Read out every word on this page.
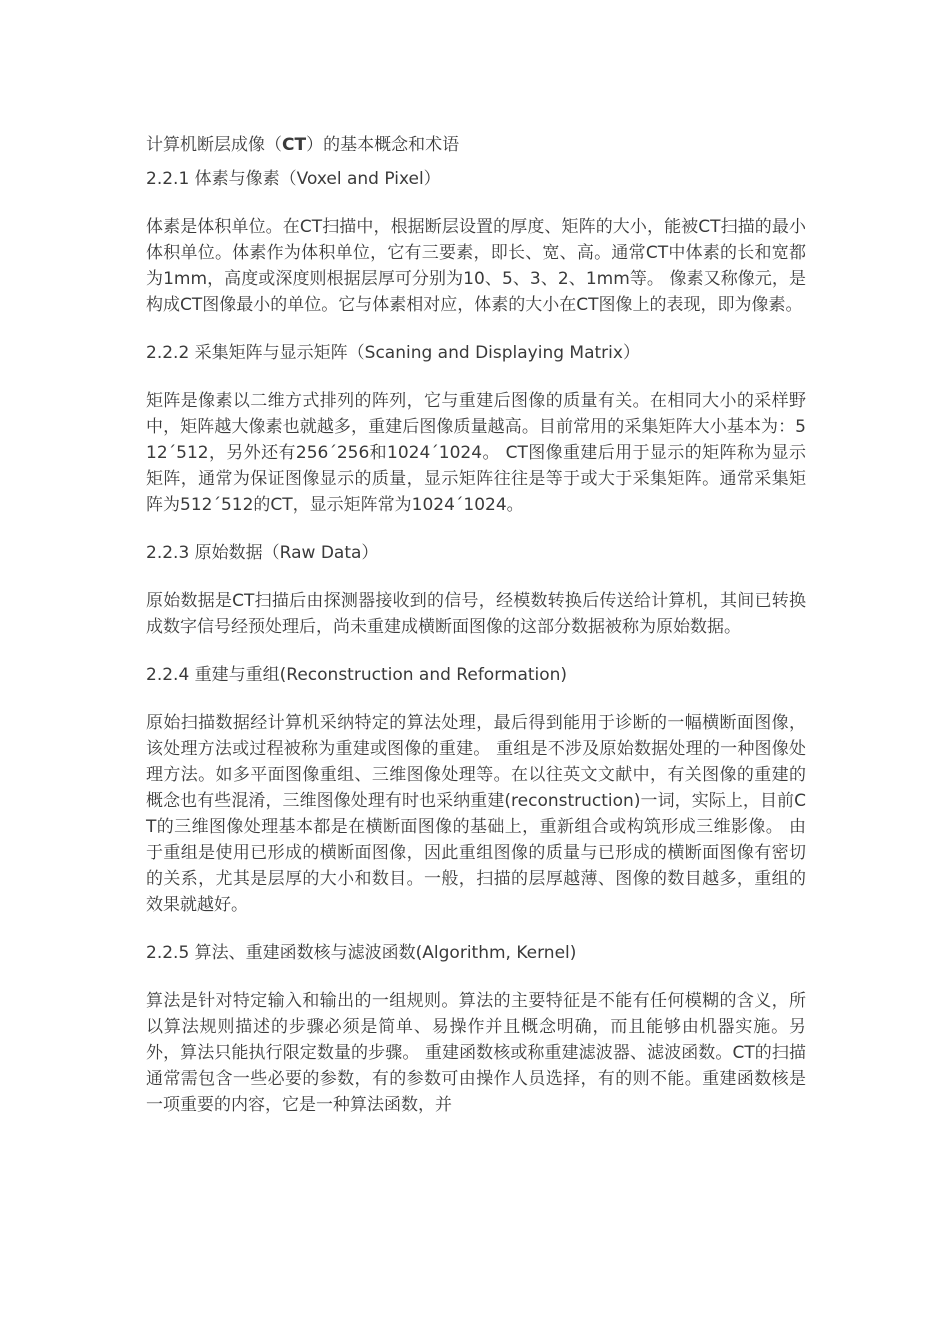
计算机断层成像（CT）的基本概念和术语
2.2.1 体素与像素（Voxel and Pixel）

体素是体积单位。在CT扫描中，根据断层设置的厚度、矩阵的大小，能被CT扫描的最小体积单位。体素作为体积单位，它有三要素，即长、宽、高。通常CT中体素的长和宽都为1mm，高度或深度则根据层厚可分别为10、5、3、2、1mm等。 像素又称像元，是构成CT图像最小的单位。它与体素相对应，体素的大小在CT图像上的表现，即为像素。

2.2.2 采集矩阵与显示矩阵（Scaning and Displaying Matrix）

矩阵是像素以二维方式排列的阵列，它与重建后图像的质量有关。在相同大小的采样野中，矩阵越大像素也就越多，重建后图像质量越高。目前常用的采集矩阵大小基本为：512´512，另外还有256´256和1024´1024。 CT图像重建后用于显示的矩阵称为显示矩阵，通常为保证图像显示的质量，显示矩阵往往是等于或大于采集矩阵。通常采集矩阵为512´512的CT，显示矩阵常为1024´1024。

2.2.3 原始数据（Raw Data）

原始数据是CT扫描后由探测器接收到的信号，经模数转换后传送给计算机，其间已转换成数字信号经预处理后，尚未重建成横断面图像的这部分数据被称为原始数据。

2.2.4 重建与重组(Reconstruction and Reformation)

原始扫描数据经计算机采纳特定的算法处理，最后得到能用于诊断的一幅横断面图像，该处理方法或过程被称为重建或图像的重建。 重组是不涉及原始数据处理的一种图像处理方法。如多平面图像重组、三维图像处理等。在以往英文文献中，有关图像的重建的概念也有些混淆，三维图像处理有时也采纳重建(reconstruction)一词，实际上，目前CT的三维图像处理基本都是在横断面图像的基础上，重新组合或构筑形成三维影像。 由于重组是使用已形成的横断面图像，因此重组图像的质量与已形成的横断面图像有密切的关系，尤其是层厚的大小和数目。一般，扫描的层厚越薄、图像的数目越多，重组的效果就越好。

2.2.5 算法、重建函数核与滤波函数(Algorithm, Kernel)

算法是针对特定输入和输出的一组规则。算法的主要特征是不能有任何模糊的含义，所以算法规则描述的步骤必须是简单、易操作并且概念明确，而且能够由机器实施。另外，算法只能执行限定数量的步骤。 重建函数核或称重建滤波器、滤波函数。CT的扫描通常需包含一些必要的参数，有的参数可由操作人员选择，有的则不能。重建函数核是一项重要的内容，它是一种算法函数，并
